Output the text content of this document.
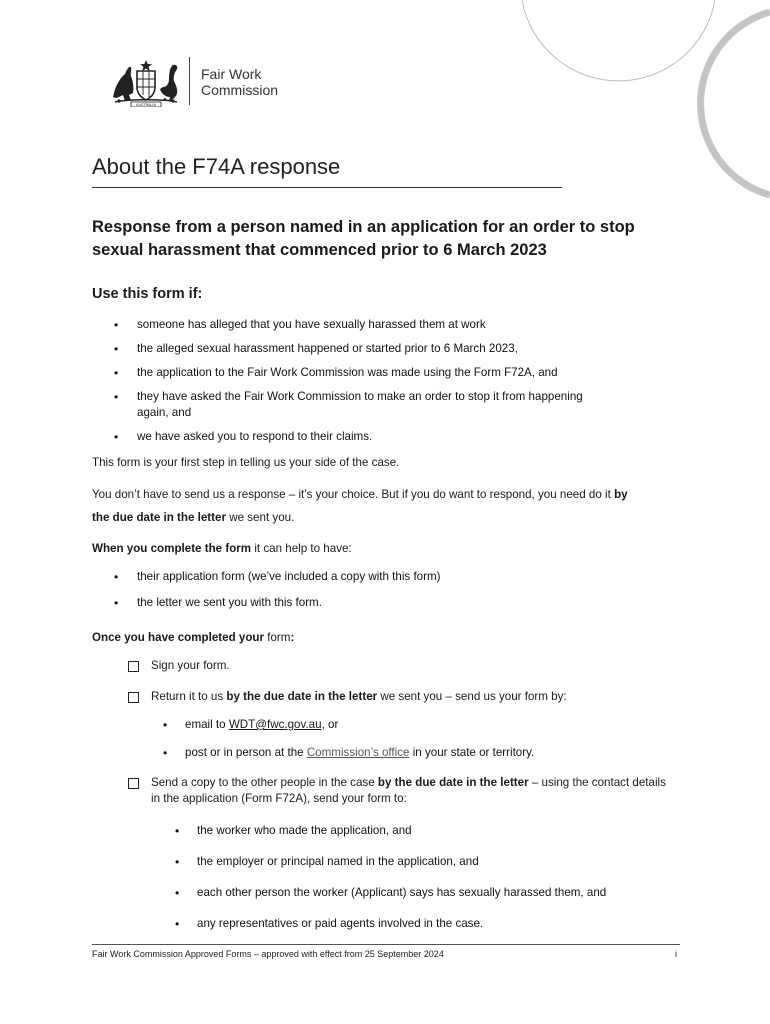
AUSTRALIA
Fair Work
Commission
About the F74A response
Response from a person named in an application for an order to stop sexual harassment that commenced prior to 6 March 2023
Use this form if:
• someone has alleged that you have sexually harassed them at work
• the alleged sexual harassment happened or started prior to 6 March 2023,
• the application to the Fair Work Commission was made using the Form F72A, and
• they have asked the Fair Work Commission to make an order to stop it from happening again, and
• we have asked you to respond to their claims.

This form is your first step in telling us your side of the case.

You don’t have to send us a response – it’s your choice. But if you do want to respond, you need do it by the due date in the letter we sent you.

When you complete the form it can help to have:

• their application form (we’ve included a copy with this form)
• the letter we sent you with this form.

Once you have completed your form:

Sign your form.
Return it to us by the due date in the letter we sent you – send us your form by:
• email to WDT@fwc.gov.au, or
• post or in person at the Commission’s office in your state or territory.
Send a copy to the other people in the case by the due date in the letter – using the contact details in the application (Form F72A), send your form to:
• the worker who made the application, and
• the employer or principal named in the application, and
• each other person the worker (Applicant) says has sexually harassed them, and
• any representatives or paid agents involved in the case.
Fair Work Commission Approved Forms – approved with effect from 25 September 2024	i
